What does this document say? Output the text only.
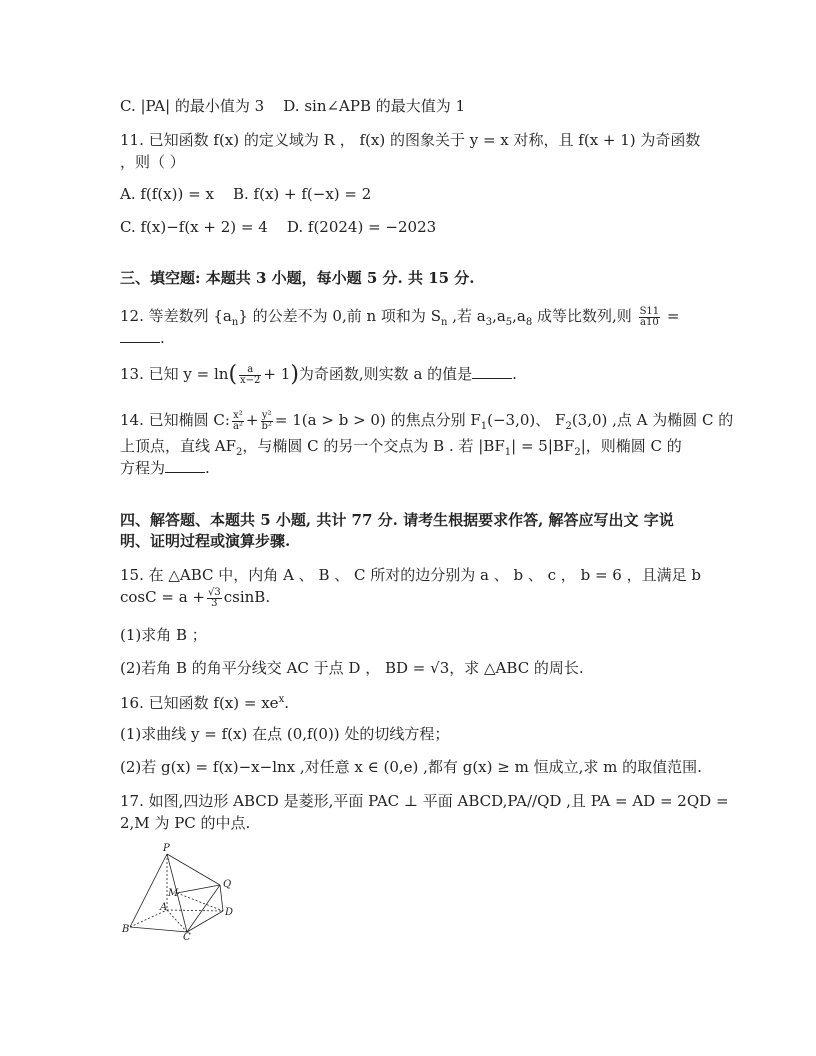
C. |PA| 的最小值为 3 D. sin∠APB 的最大值为 1
11. 已知函数 f(x) 的定义域为 R ， f(x) 的图象关于 y = x 对称，且 f(x + 1) 为奇函数
，则（ ）
A. f(f(x)) = x B. f(x) + f(−x) = 2
C. f(x)−f(x + 2) = 4 D. f(2024) = −2023
三、填空题: 本题共 3 小题，每小题 5 分. 共 15 分.
12. 等差数列 $\{a_n\}$ 的公差不为 0,前 n 项和为 $S_n$ ,若 $a_3,a_5,a_8$ 成等比数列,则 $\frac{S11}{a10}$ =
.
13. 已知 $y = \ln( \frac{a}{x-2} + 1)$为奇函数,则实数 a 的值是	.
14. 已知椭圆 C: $\frac{\text{x²}}{\text{a²}} + \frac{\text{y²}}{\text{b²}} = 1(a > b > 0)$ 的焦点分别 $F_1(-3,0)$、 $F_2(3,0)$ ,点 A 为椭圆 C 的
上顶点，直线 $AF_2$，与椭圆 C 的另一个交点为 B . 若 $|BF_1| = 5|BF_2|$，则椭圆 C 的
方程为	.
四、解答题、本题共 5 小题, 共计 77 分. 请考生根据要求作答, 解答应写出文 字说
明、证明过程或演算步骤.
15. 在 △ABC 中，内角 A 、 B 、 C 所对的边分别为 a 、 b 、 c ， b = 6 ，且满足 b
$\cos C = a + \frac{√3}{3} csinB$.
(1)求角 B ；
(2)若角 B 的角平分线交 AC 于点 D ， BD = √3，求 △ABC 的周长.
16. 已知函数 $f(x) = xe^x$.
(1)求曲线 y = f(x) 在点 (0,f(0)) 处的切线方程；
(2)若 g(x) = f(x)−x−lnx ,对任意 x ∈ (0,e) ,都有 g(x) ≥ m 恒成立,求 m 的取值范围.
17. 如图,四边形 ABCD 是菱形,平面 PAC ⊥ 平面 ABCD,PA//QD ,且 PA = AD = 2QD =
2,M 为 PC 的中点.
P
Q
M
A	D
B
C
